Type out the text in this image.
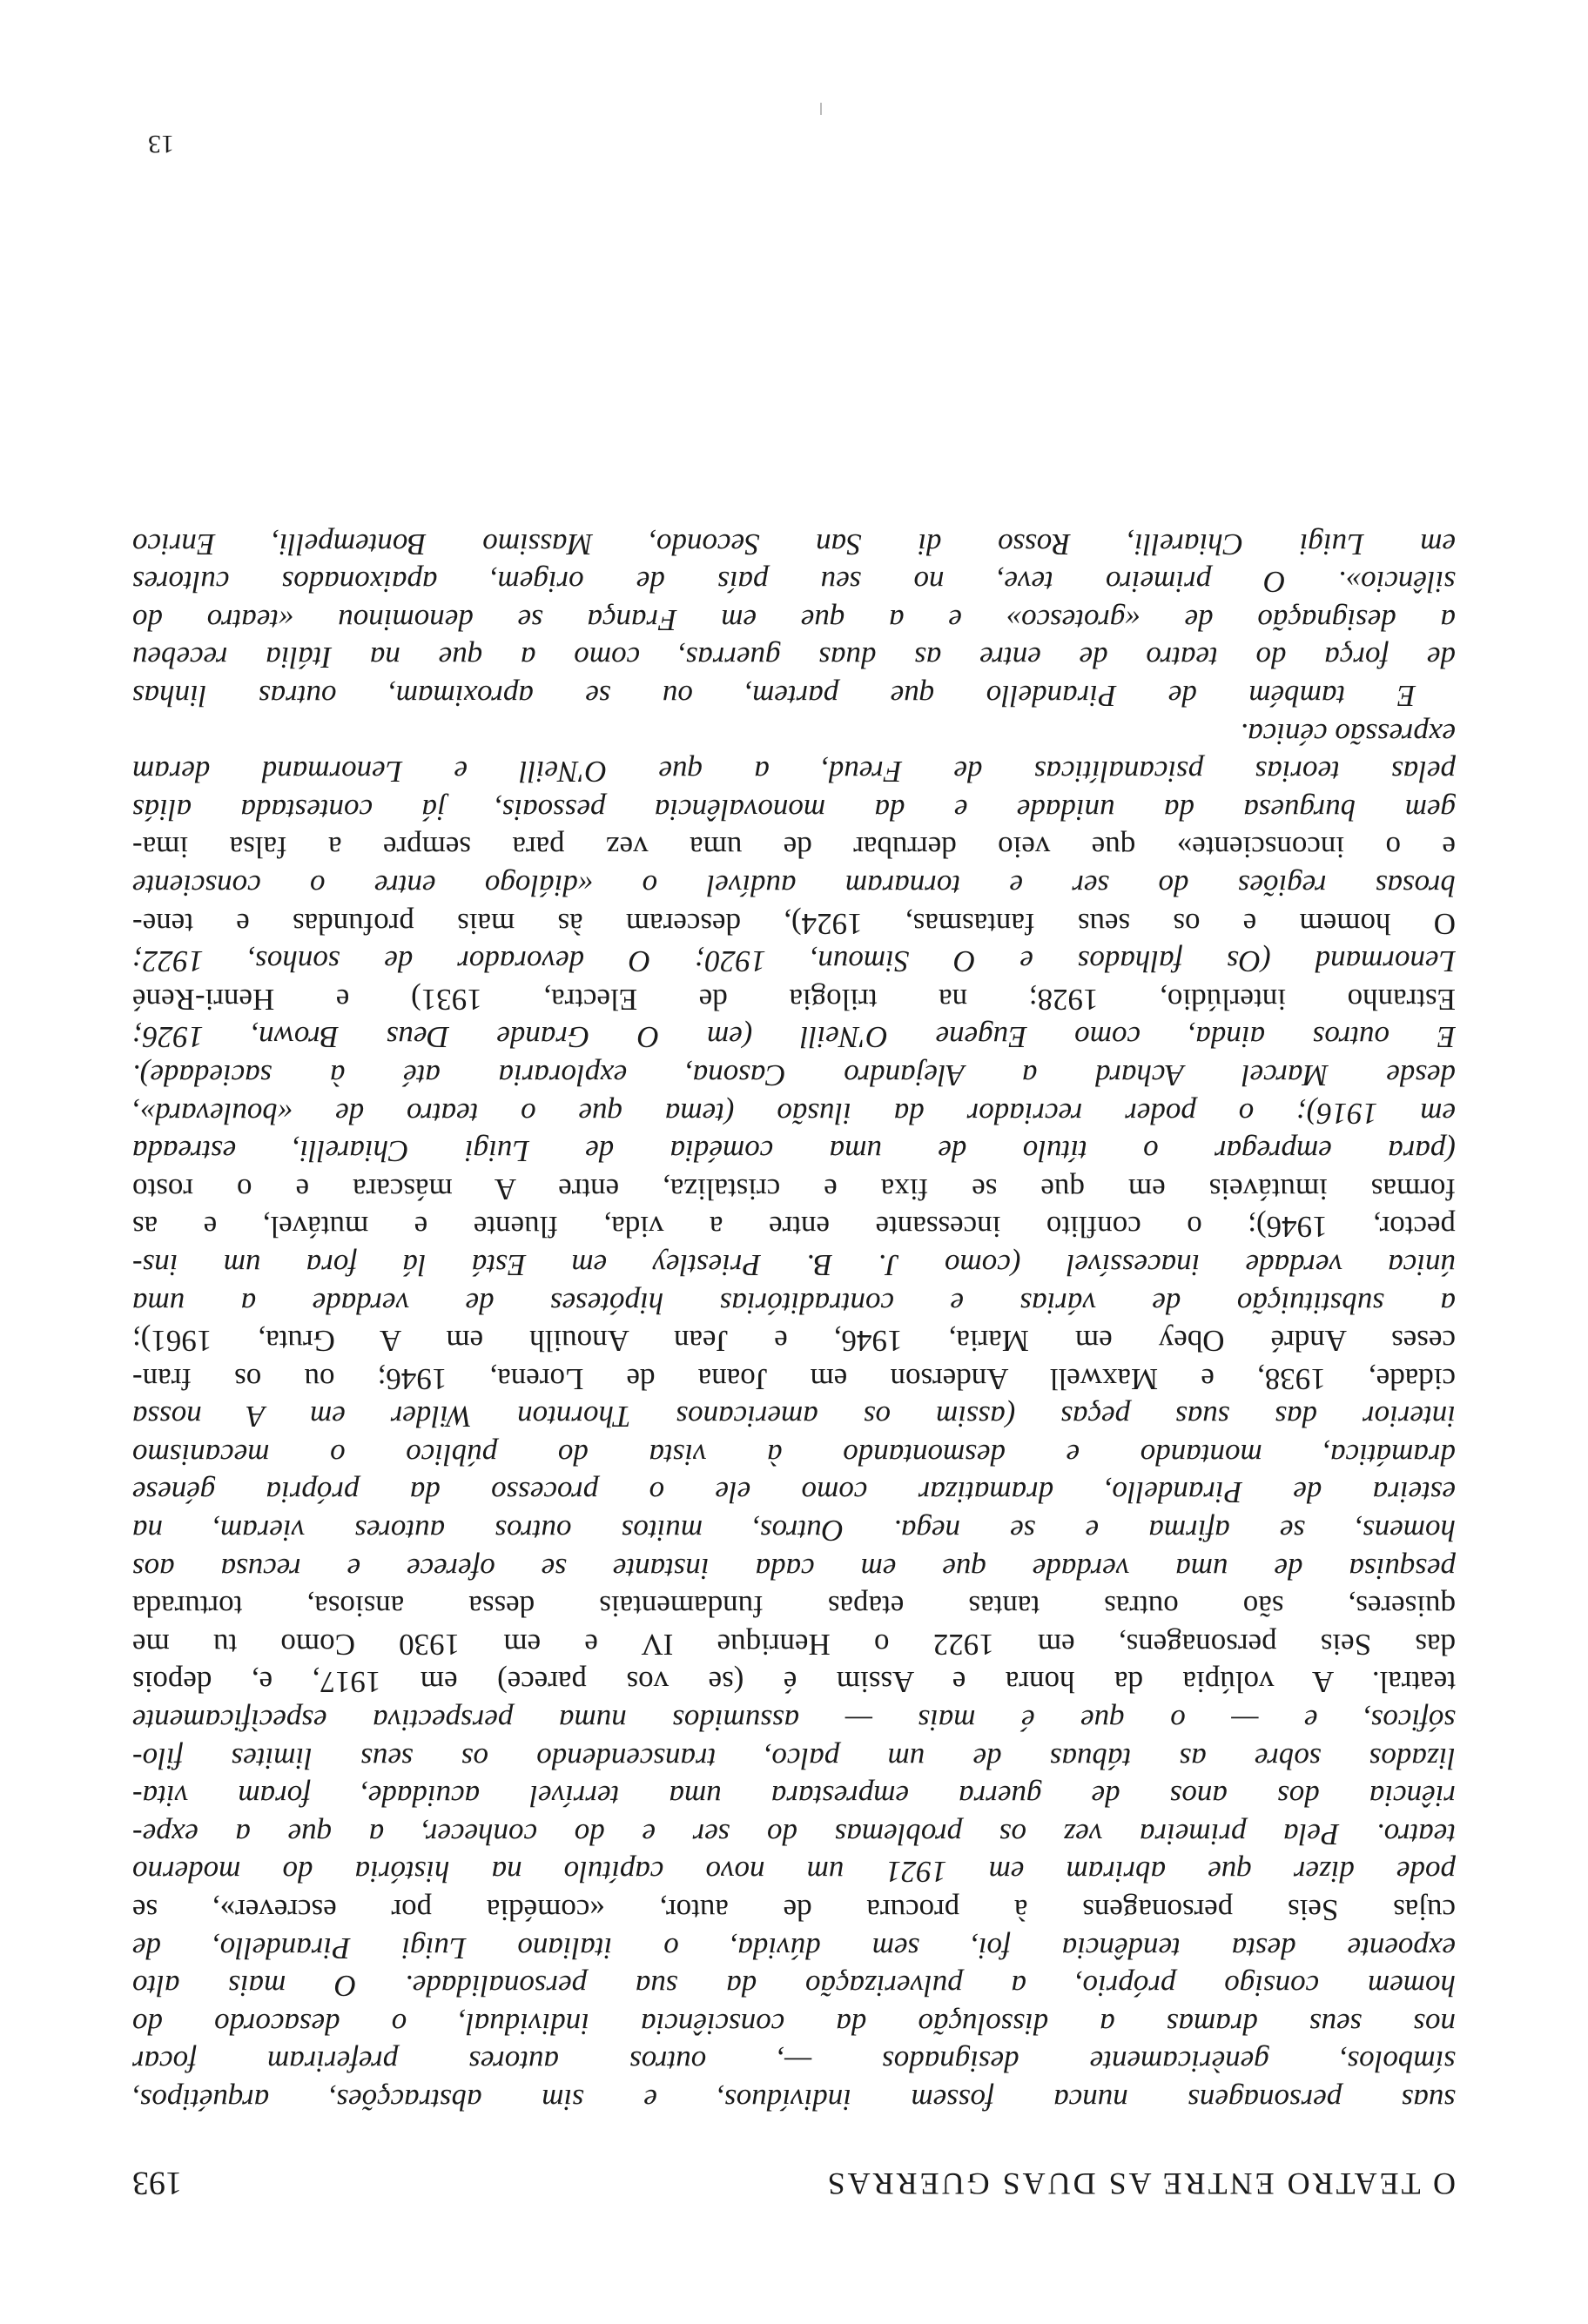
O TEATRO ENTRE AS DUAS GUERRAS
193
suas personagens nunca fossem indivíduos, e sim abstracções, arquétipos,
símbolos, genèricamente designados —, outros autores preferiram focar
nos seus dramas a dissolução da consciência individual, o desacordo do
homem consigo próprio, a pulverização da sua personalidade. O mais alto
expoente desta tendência foi, sem dúvida, o italiano Luigi Pirandello, de
cujas Seis personagens à procura de autor, «comédia por escrever», se
pode dizer que abriram em 1921 um novo capítulo na história do moderno
teatro. Pela primeira vez os problemas do ser e do conhecer, a que a expe-
riência dos anos de guerra emprestara uma terrível acuidade, foram vita-
lizados sobre as tábuas de um palco, transcendendo os seus limites filo-
sóficos, e — o que é mais — assumidos numa perspectiva especìficamente
teatral. A volúpia da honra e Assim é (se vos parece) em 1917, e, depois
das Seis personagens, em 1922 o Henrique IV e em 1930 Como tu me
quiseres, são outras tantas etapas fundamentais dessa ansiosa, torturada
pesquisa de uma verdade que em cada instante se oferece e recusa aos
homens, se afirma e se nega. Outros, muitos outros autores vieram, na
esteira de Pirandello, dramatizar como ele o processo da própria génese
dramática, montando e desmontando à vista do público o mecanismo
interior das suas peças (assim os americanos Thornton Wilder em A nossa
cidade, 1938, e Maxwell Anderson em Joana de Lorena, 1946; ou os fran-
ceses André Obey em Maria, 1946, e Jean Anouilh em A Gruta, 1961);
a substituição de várias e contraditórias hipóteses de verdade a uma
única verdade inacessível (como J. B. Priestley em Está lá fora um ins-
pector, 1946); o conflito incessante entre a vida, fluente e mutável, e as
formas imutáveis em que se fixa e cristaliza, entre A máscara e o rosto
(para empregar o título de uma comédia de Luigi Chiarelli, estreada
em 1916); o poder recriador da ilusão (tema que o teatro de «boulevard»,
desde Marcel Achard a Alejandro Casona, exploraria até à saciedade).
E outros ainda, como Eugene O'Neill (em O Grande Deus Brown, 1926;
Estranho interlúdio, 1928; na trilogia de Electra, 1931) e Henri-René
Lenormand (Os falhados e O Simoun, 1920; O devorador de sonhos, 1922;
O homem e os seus fantasmas, 1924), desceram às mais profundas e tene-
brosas regiões do ser e tornaram audível o «diálogo entre o consciente
e o inconsciente» que veio derrubar de uma vez para sempre a falsa ima-
gem burguesa da unidade e da monovalência pessoais, já contestada aliás
pelas teorias psicanalíticas de Freud, a que O'Neill e Lenormand deram
expressão cénica.
E também de Pirandello que partem, ou se aproximam, outras linhas
de força do teatro de entre as duas guerras, como a que na Itália recebeu
a designação de «grotesco» e a que em França se denominou «teatro do
silêncio». O primeiro teve, no seu país de origem, apaixonados cultores
em Luigi Chiarelli, Rosso di San Secondo, Massimo Bontempelli, Enrico
13
